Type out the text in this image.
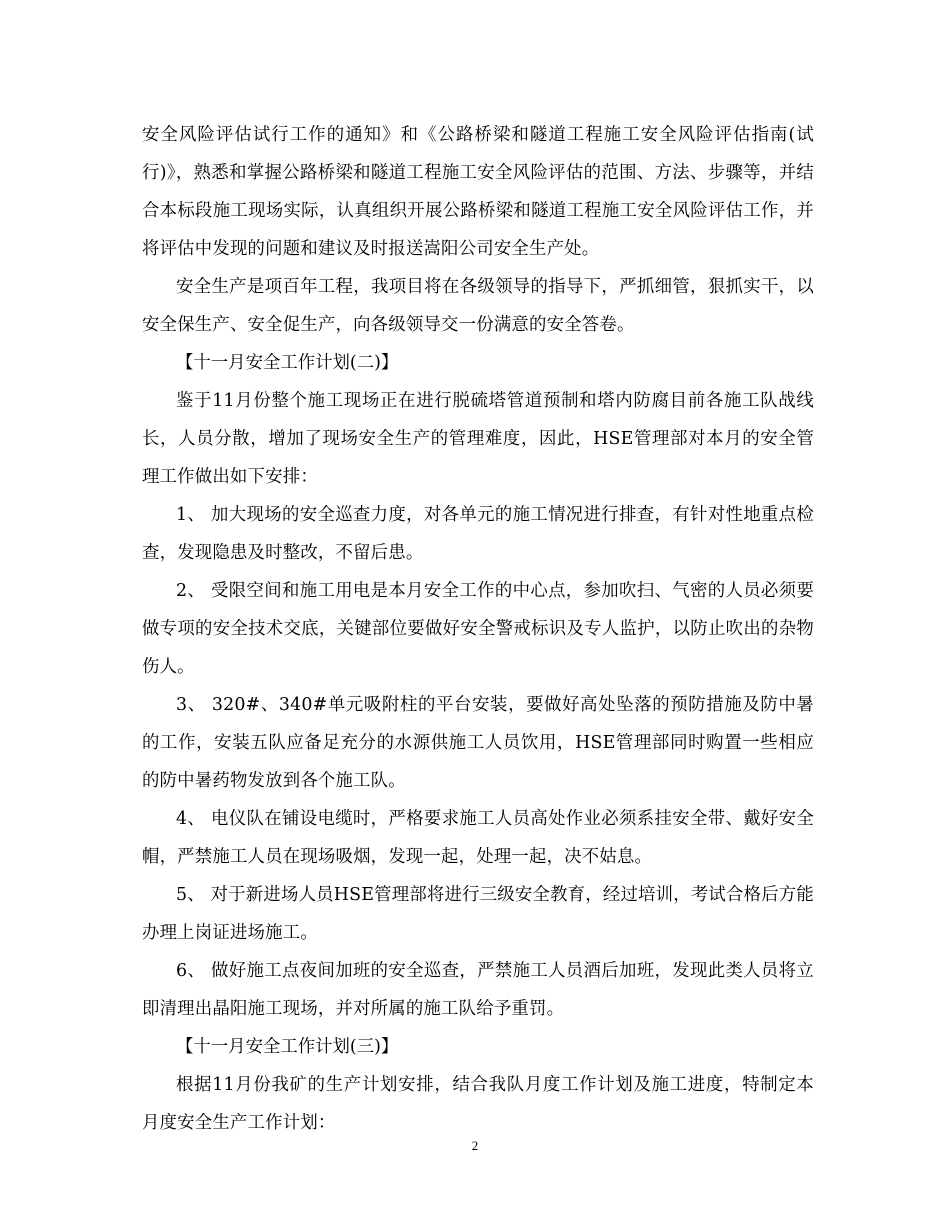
安全风险评估试行工作的通知》和《公路桥梁和隧道工程施工安全风险评估指南(试行)》，熟悉和掌握公路桥梁和隧道工程施工安全风险评估的范围、方法、步骤等，并结合本标段施工现场实际，认真组织开展公路桥梁和隧道工程施工安全风险评估工作，并将评估中发现的问题和建议及时报送嵩阳公司安全生产处。

安全生产是项百年工程，我项目将在各级领导的指导下，严抓细管，狠抓实干，以安全保生产、安全促生产，向各级领导交一份满意的安全答卷。

【十一月安全工作计划(二)】

鉴于11月份整个施工现场正在进行脱硫塔管道预制和塔内防腐目前各施工队战线长，人员分散，增加了现场安全生产的管理难度，因此，HSE管理部对本月的安全管理工作做出如下安排：

1、 加大现场的安全巡查力度，对各单元的施工情况进行排查，有针对性地重点检查，发现隐患及时整改，不留后患。

2、 受限空间和施工用电是本月安全工作的中心点，参加吹扫、气密的人员必须要做专项的安全技术交底，关键部位要做好安全警戒标识及专人监护，以防止吹出的杂物伤人。

3、 320#、340#单元吸附柱的平台安装，要做好高处坠落的预防措施及防中暑的工作，安装五队应备足充分的水源供施工人员饮用，HSE管理部同时购置一些相应的防中暑药物发放到各个施工队。

4、 电仪队在铺设电缆时，严格要求施工人员高处作业必须系挂安全带、戴好安全帽，严禁施工人员在现场吸烟，发现一起，处理一起，决不姑息。

5、 对于新进场人员HSE管理部将进行三级安全教育，经过培训，考试合格后方能办理上岗证进场施工。

6、 做好施工点夜间加班的安全巡查，严禁施工人员酒后加班，发现此类人员将立即清理出晶阳施工现场，并对所属的施工队给予重罚。

【十一月安全工作计划(三)】

根据11月份我矿的生产计划安排，结合我队月度工作计划及施工进度，特制定本月度安全生产工作计划：

2
